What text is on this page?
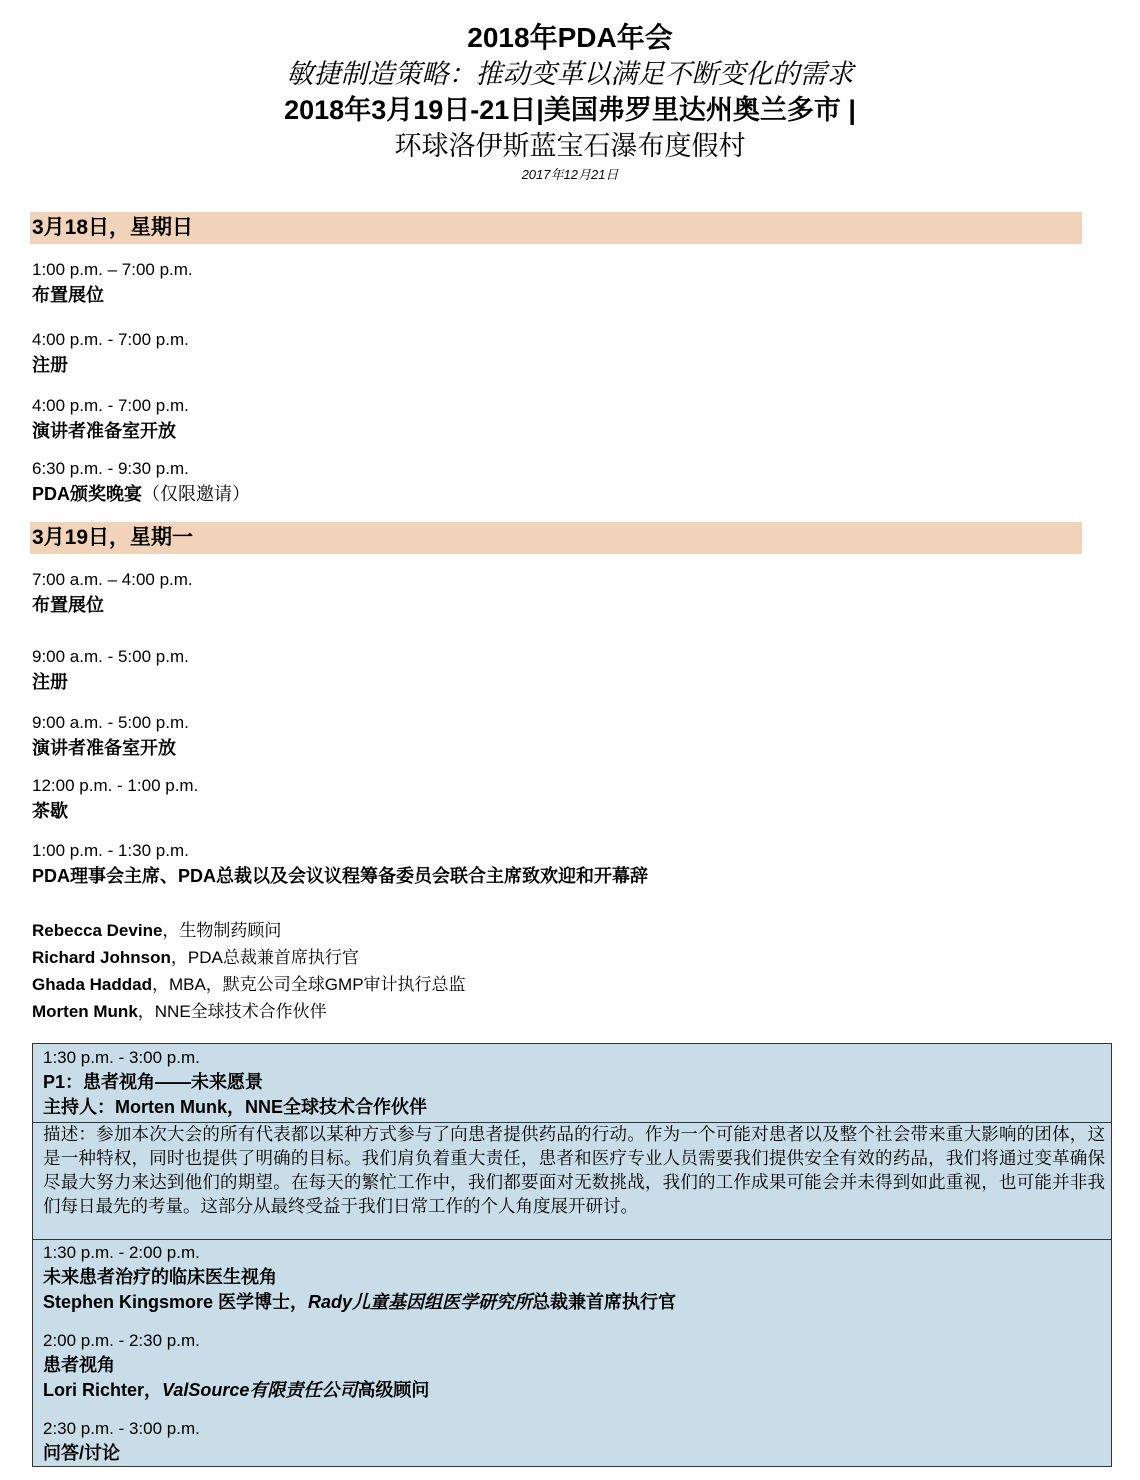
2018年PDA年会
敏捷制造策略：推动变革以满足不断变化的需求
2018年3月19日-21日|美国弗罗里达州奥兰多市 |
环球洛伊斯蓝宝石瀑布度假村
2017年12月21日
3月18日，星期日
1:00 p.m. – 7:00 p.m.
布置展位
4:00 p.m. - 7:00 p.m.
注册
4:00 p.m. - 7:00 p.m.
演讲者准备室开放
6:30 p.m. - 9:30 p.m.
PDA颁奖晚宴（仅限邀请）
3月19日，星期一
7:00 a.m. – 4:00 p.m.
布置展位
9:00 a.m. - 5:00 p.m.
注册
9:00 a.m. - 5:00 p.m.
演讲者准备室开放
12:00 p.m. - 1:00 p.m.
茶歇
1:00 p.m. - 1:30 p.m.
PDA理事会主席、PDA总裁以及会议议程筹备委员会联合主席致欢迎和开幕辞
Rebecca Devine，生物制药顾问
Richard Johnson，PDA总裁兼首席执行官
Ghada Haddad，MBA，默克公司全球GMP审计执行总监
Morten Munk，NNE全球技术合作伙伴
1:30 p.m. - 3:00 p.m.
P1：患者视角——未来愿景
主持人：Morten Munk，NNE全球技术合作伙伴
描述：参加本次大会的所有代表都以某种方式参与了向患者提供药品的行动。作为一个可能对患者以及整个社会带来重大影响的团体，这是一种特权，同时也提供了明确的目标。我们肩负着重大责任，患者和医疗专业人员需要我们提供安全有效的药品，我们将通过变革确保尽最大努力来达到他们的期望。在每天的繁忙工作中，我们都要面对无数挑战，我们的工作成果可能会并未得到如此重视，也可能并非我们每日最先的考量。这部分从最终受益于我们日常工作的个人角度展开研讨。
1:30 p.m. - 2:00 p.m.
未来患者治疗的临床医生视角
Stephen Kingsmore 医学博士，Rady儿童基因组医学研究所总裁兼首席执行官
2:00 p.m. - 2:30 p.m.
患者视角
Lori Richter，ValSource有限责任公司高级顾问
2:30 p.m. - 3:00 p.m.
问答/讨论
